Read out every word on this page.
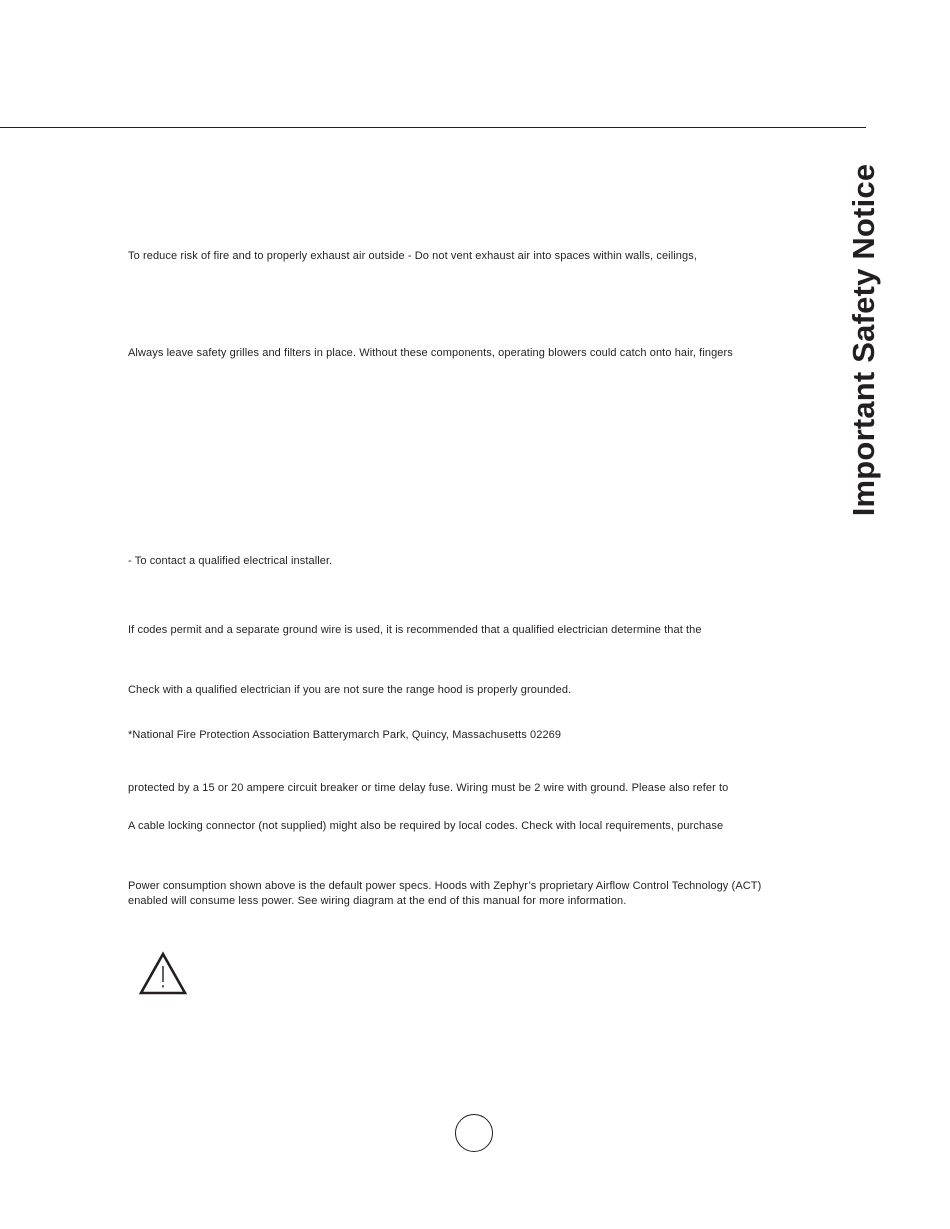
Important Safety Notice
To reduce risk of fire and to properly exhaust air outside - Do not vent exhaust air into spaces within walls, ceilings,
Always leave safety grilles and filters in place. Without these components, operating blowers could catch onto hair, fingers
- To contact a qualified electrical installer.
If codes permit and a separate ground wire is used, it is recommended that a qualified electrician determine that the
Check with a qualified electrician if you are not sure the range hood is properly grounded.
*National Fire Protection Association Batterymarch Park, Quincy, Massachusetts 02269
protected by a 15 or 20 ampere circuit breaker or time delay fuse. Wiring must be 2 wire with ground. Please also refer to
A cable locking connector (not supplied) might also be required by local codes. Check with local requirements, purchase
Power consumption shown above is the default power specs. Hoods with Zephyr’s proprietary Airflow Control Technology (ACT) enabled will consume less power. See wiring diagram at the end of this manual for more information.
